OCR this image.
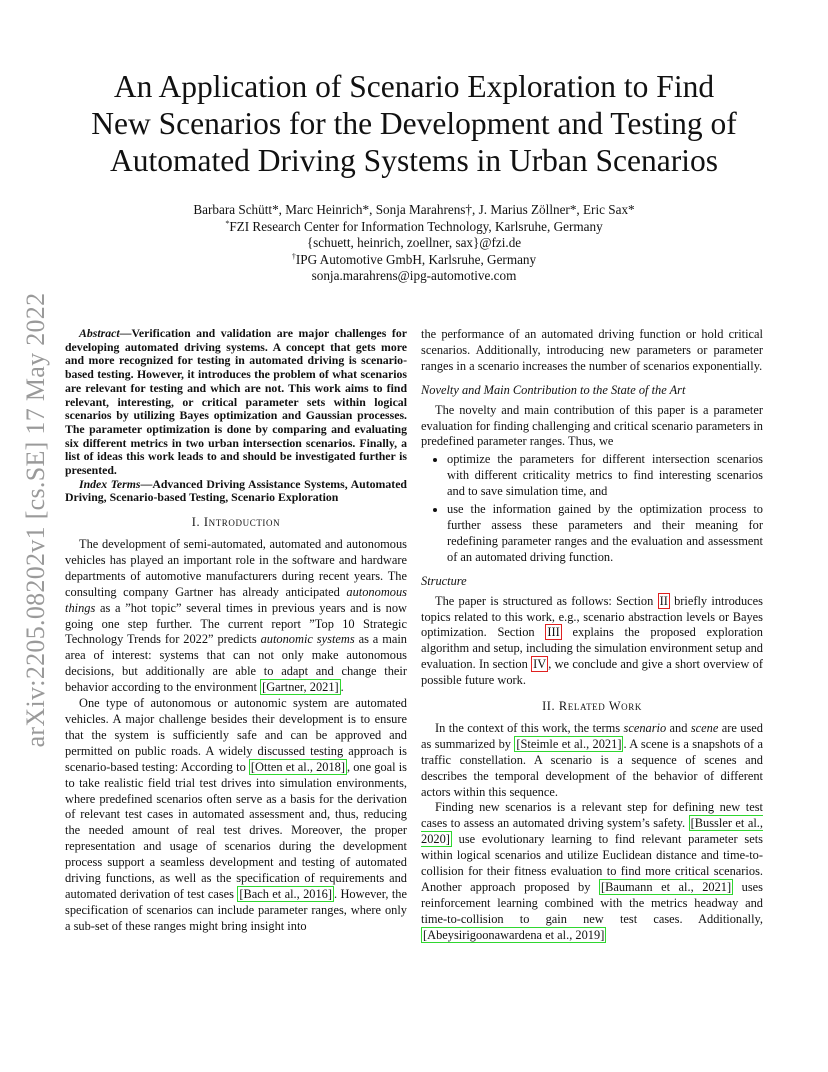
arXiv:2205.08202v1 [cs.SE] 17 May 2022
An Application of Scenario Exploration to Find
New Scenarios for the Development and Testing of
Automated Driving Systems in Urban Scenarios
Barbara Schütt*, Marc Heinrich*, Sonja Marahrens†, J. Marius Zöllner*, Eric Sax*
*FZI Research Center for Information Technology, Karlsruhe, Germany
{schuett, heinrich, zoellner, sax}@fzi.de
†IPG Automotive GmbH, Karlsruhe, Germany
sonja.marahrens@ipg-automotive.com

Abstract—Verification and validation are major challenges for developing automated driving systems. A concept that gets more and more recognized for testing in automated driving is scenario-based testing. However, it introduces the problem of what scenarios are relevant for testing and which are not. This work aims to find relevant, interesting, or critical parameter sets within logical scenarios by utilizing Bayes optimization and Gaussian processes. The parameter optimization is done by comparing and evaluating six different metrics in two urban intersection scenarios. Finally, a list of ideas this work leads to and should be investigated further is presented.

Index Terms—Advanced Driving Assistance Systems, Automated Driving, Scenario-based Testing, Scenario Exploration

I. Introduction

The development of semi-automated, automated and autonomous vehicles has played an important role in the software and hardware departments of automotive manufacturers during recent years. The consulting company Gartner has already anticipated autonomous things as a ”hot topic” several times in previous years and is now going one step further. The current report ”Top 10 Strategic Technology Trends for 2022” predicts autonomic systems as a main area of interest: systems that can not only make autonomous decisions, but additionally are able to adapt and change their behavior according to the environment [Gartner, 2021] .

One type of autonomous or autonomic system are automated vehicles. A major challenge besides their development is to ensure that the system is sufficiently safe and can be approved and permitted on public roads. A widely discussed testing approach is scenario-based testing: According to [Otten et al., 2018] , one goal is to take realistic field trial test drives into simulation environments, where predefined scenarios often serve as a basis for the derivation of relevant test cases in automated assessment and, thus, reducing the needed amount of real test drives. Moreover, the proper representation and usage of scenarios during the development process support a seamless development and testing of automated driving functions, as well as the specification of requirements and automated derivation of test cases [Bach et al., 2016] . However, the specification of scenarios can include parameter ranges, where only a sub-set of these ranges might bring insight into

the performance of an automated driving function or hold critical scenarios. Additionally, introducing new parameters or parameter ranges in a scenario increases the number of scenarios exponentially.

Novelty and Main Contribution to the State of the Art

The novelty and main contribution of this paper is a parameter evaluation for finding challenging and critical scenario parameters in predefined parameter ranges. Thus, we

• optimize the parameters for different intersection scenarios with different criticality metrics to find interesting scenarios and to save simulation time, and
• use the information gained by the optimization process to further assess these parameters and their meaning for redefining parameter ranges and the evaluation and assessment of an automated driving function.
Structure

The paper is structured as follows: Section II briefly introduces topics related to this work, e.g., scenario abstraction levels or Bayes optimization. Section III explains the proposed exploration algorithm and setup, including the simulation environment setup and evaluation. In section IV , we conclude and give a short overview of possible future work.

II. Related Work

In the context of this work, the terms scenario and scene are used as summarized by [Steimle et al., 2021] . A scene is a snapshots of a traffic constellation. A scenario is a sequence of scenes and describes the temporal development of the behavior of different actors within this sequence.

Finding new scenarios is a relevant step for defining new test cases to assess an automated driving system’s safety. [Bussler et al., 2020] use evolutionary learning to find relevant parameter sets within logical scenarios and utilize Euclidean distance and time-to-collision for their fitness evaluation to find more critical scenarios. Another approach proposed by [Baumann et al., 2021] uses reinforcement learning combined with the metrics headway and time-to-collision to gain new test cases. Additionally, [Abeysirigoonawardena et al., 2019]
